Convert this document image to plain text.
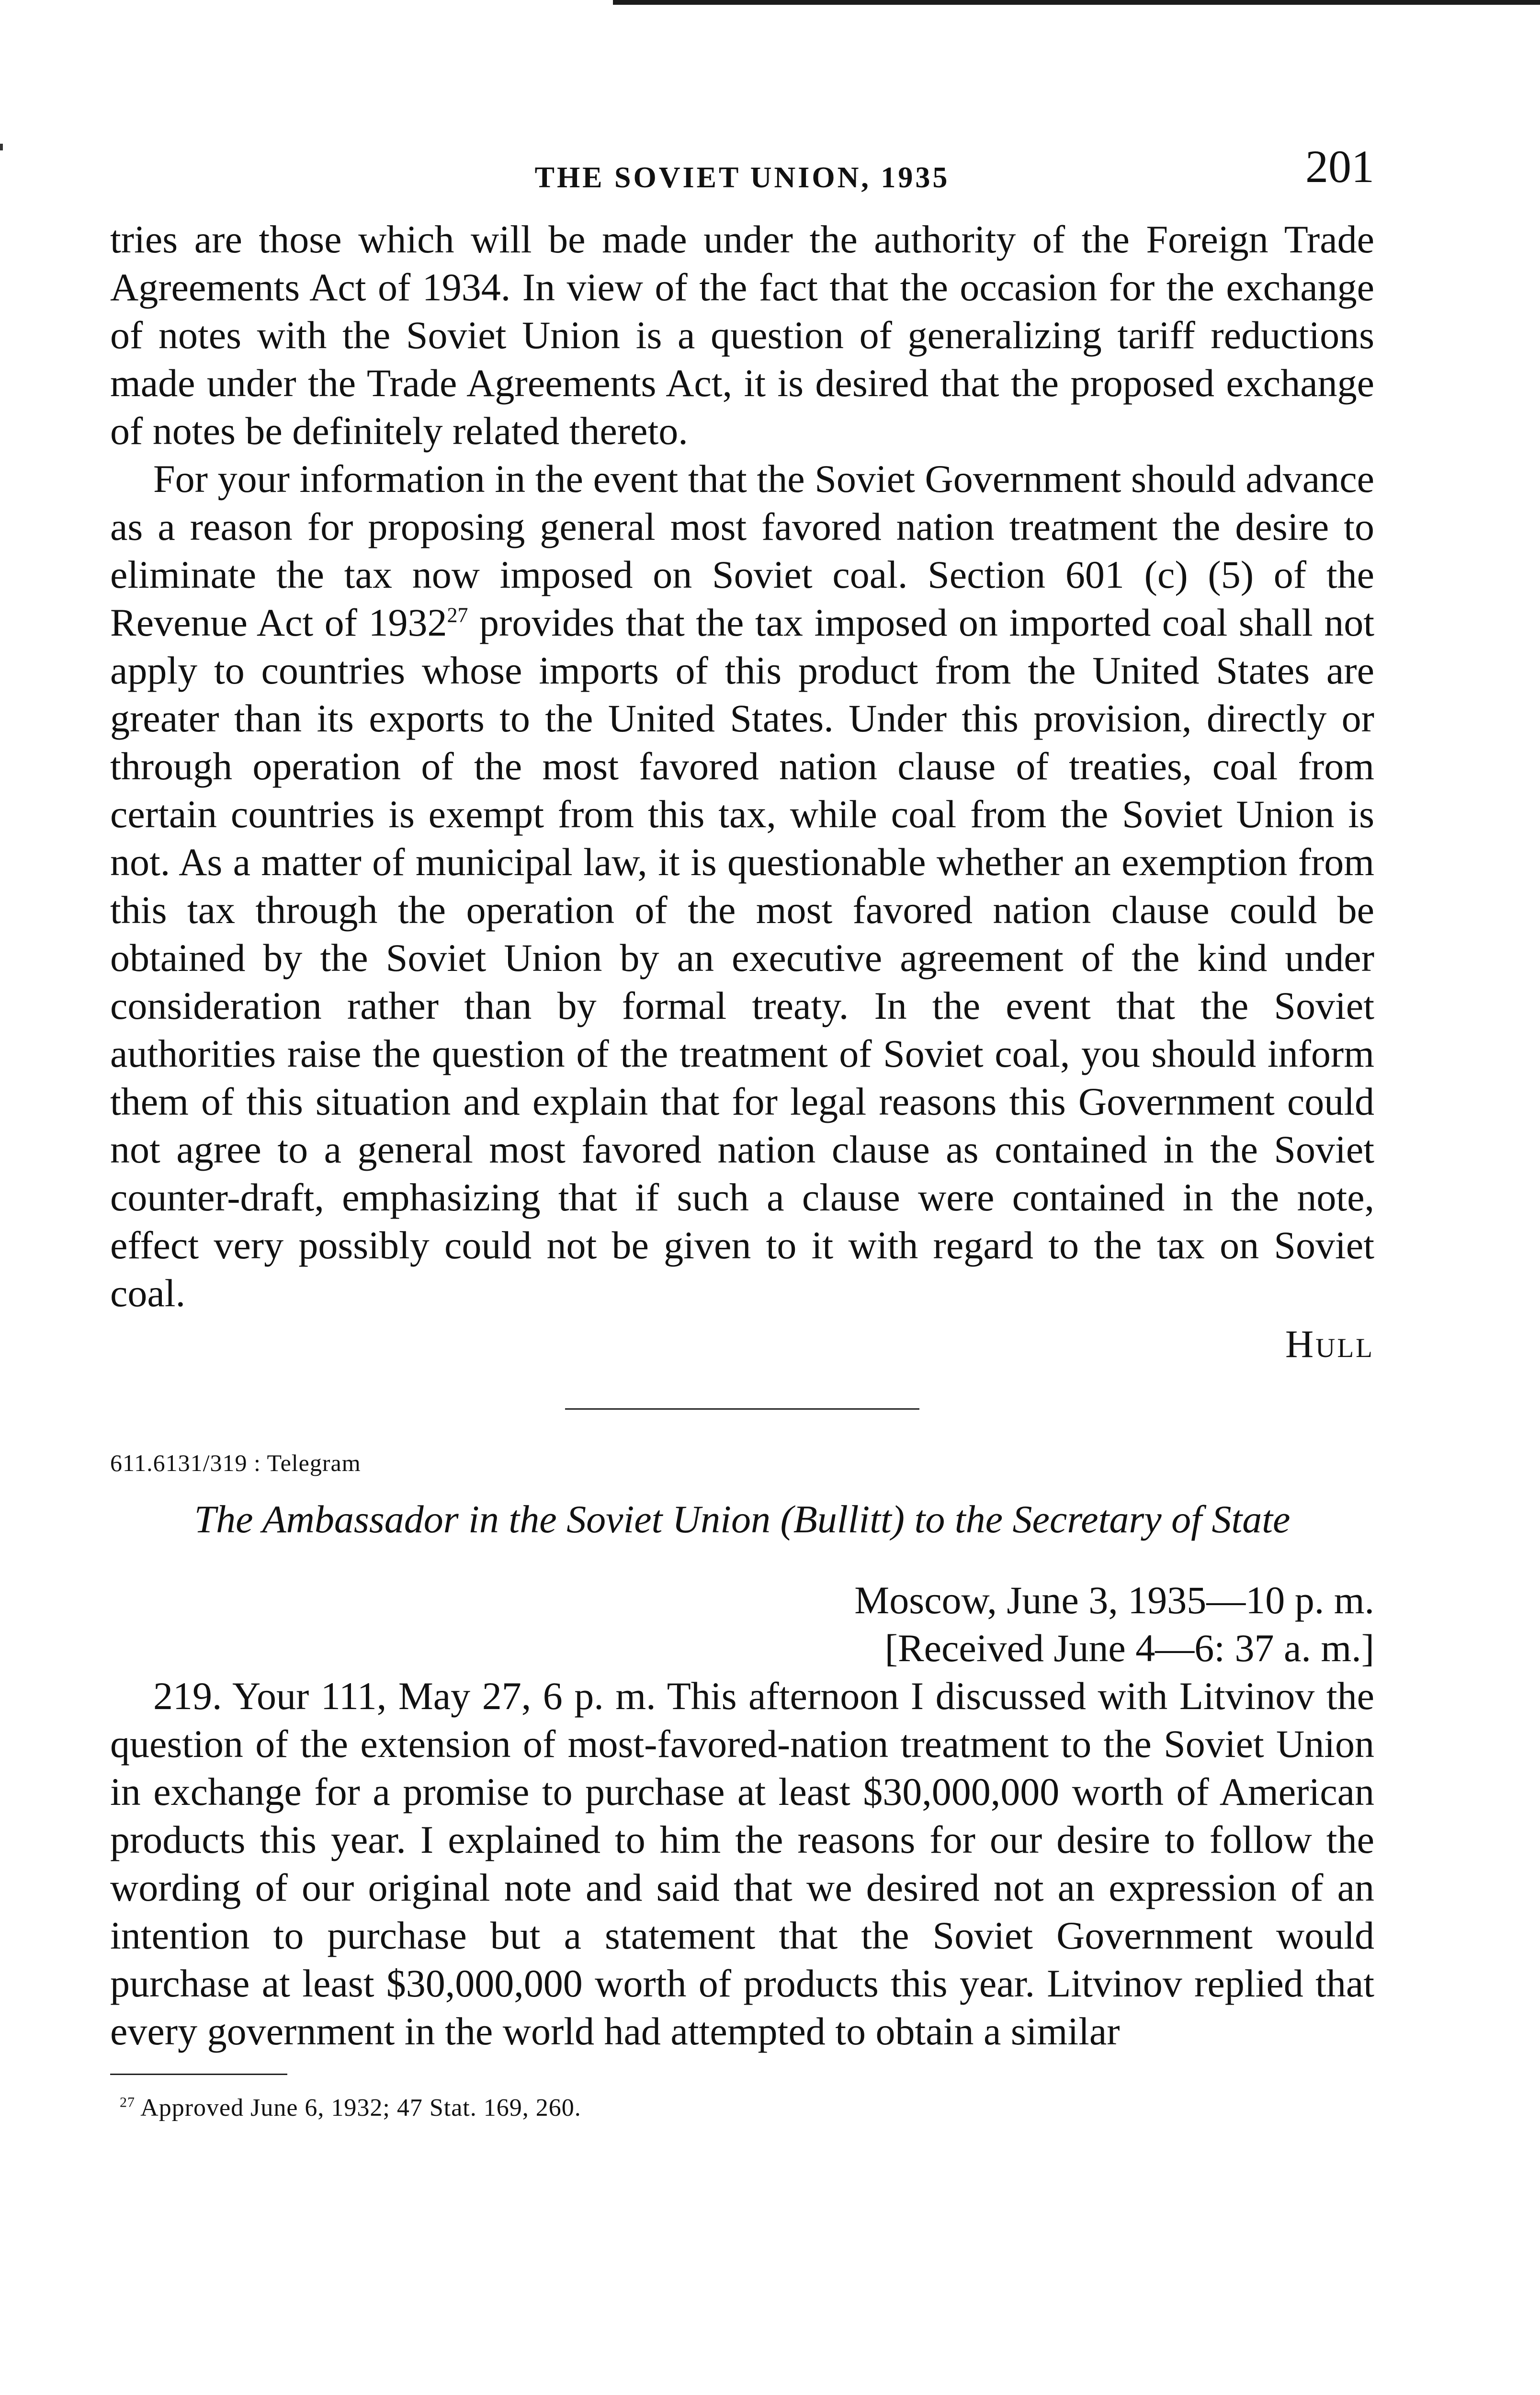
THE SOVIET UNION, 1935	201

tries are those which will be made under the authority of the Foreign Trade Agreements Act of 1934. In view of the fact that the occasion for the exchange of notes with the Soviet Union is a question of generalizing tariff reductions made under the Trade Agreements Act, it is desired that the proposed exchange of notes be definitely related thereto.

For your information in the event that the Soviet Government should advance as a reason for proposing general most favored nation treatment the desire to eliminate the tax now imposed on Soviet coal. Section 601 (c) (5) of the Revenue Act of 1932$^{27}$ provides that the tax imposed on imported coal shall not apply to countries whose imports of this product from the United States are greater than its exports to the United States. Under this provision, directly or through operation of the most favored nation clause of treaties, coal from certain countries is exempt from this tax, while coal from the Soviet Union is not. As a matter of municipal law, it is questionable whether an exemption from this tax through the operation of the most favored nation clause could be obtained by the Soviet Union by an executive agreement of the kind under consideration rather than by formal treaty. In the event that the Soviet authorities raise the question of the treatment of Soviet coal, you should inform them of this situation and explain that for legal reasons this Government could not agree to a general most favored nation clause as contained in the Soviet counter-draft, emphasizing that if such a clause were contained in the note, effect very possibly could not be given to it with regard to the tax on Soviet coal.

Hull
611.6131/319 : Telegram
The Ambassador in the Soviet Union (Bullitt) to the Secretary of State

Moscow, June 3, 1935—10 p. m.

[Received June 4—6: 37 a. m.]

219. Your 111, May 27, 6 p. m. This afternoon I discussed with Litvinov the question of the extension of most-favored-nation treatment to the Soviet Union in exchange for a promise to purchase at least $30,000,000 worth of American products this year. I explained to him the reasons for our desire to follow the wording of our original note and said that we desired not an expression of an intention to purchase but a statement that the Soviet Government would purchase at least $30,000,000 worth of products this year. Litvinov replied that every government in the world had attempted to obtain a similar

$^{27}$ Approved June 6, 1932; 47 Stat. 169, 260.
